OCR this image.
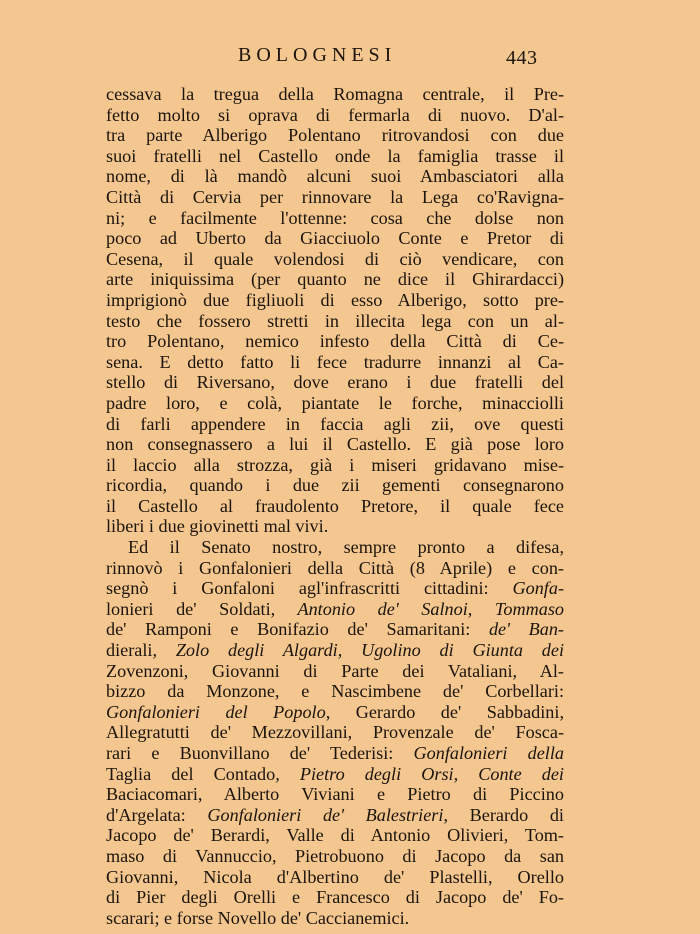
BOLOGNESI	443
cessava la tregua della Romagna centrale, il Pre-
fetto molto si oprava di fermarla di nuovo. D'al-
tra parte Alberigo Polentano ritrovandosi con due
suoi fratelli nel Castello onde la famiglia trasse il
nome, di là mandò alcuni suoi Ambasciatori alla
Città di Cervia per rinnovare la Lega co'Ravigna-
ni; e facilmente l'ottenne: cosa che dolse non
poco ad Uberto da Giacciuolo Conte e Pretor di
Cesena, il quale volendosi di ciò vendicare, con
arte iniquissima (per quanto ne dice il Ghirardacci)
imprigionò due figliuoli di esso Alberigo, sotto pre-
testo che fossero stretti in illecita lega con un al-
tro Polentano, nemico infesto della Città di Ce-
sena. E detto fatto li fece tradurre innanzi al Ca-
stello di Riversano, dove erano i due fratelli del
padre loro, e colà, piantate le forche, minacciolli
di farli appendere in faccia agli zii, ove questi
non consegnassero a lui il Castello. E già pose loro
il laccio alla strozza, già i miseri gridavano mise-
ricordia, quando i due zii gementi consegnarono
il Castello al fraudolento Pretore, il quale fece
liberi i due giovinetti mal vivi.
Ed il Senato nostro, sempre pronto a difesa,
rinnovò i Gonfalonieri della Città (8 Aprile) e con-
segnò i Gonfaloni agl'infrascritti cittadini: Gonfa-
lonieri de' Soldati, Antonio de' Salnoi, Tommaso
de' Ramponi e Bonifazio de' Samaritani: de' Ban-
dierali, Zolo degli Algardi, Ugolino di Giunta dei
Zovenzoni, Giovanni di Parte dei Vataliani, Al-
bizzo da Monzone, e Nascimbene de' Corbellari:
Gonfalonieri del Popolo, Gerardo de' Sabbadini,
Allegratutti de' Mezzovillani, Provenzale de' Fosca-
rari e Buonvillano de' Tederisi: Gonfalonieri della
Taglia del Contado, Pietro degli Orsi, Conte dei
Baciacomari, Alberto Viviani e Pietro di Piccino
d'Argelata: Gonfalonieri de' Balestrieri, Berardo di
Jacopo de' Berardi, Valle di Antonio Olivieri, Tom-
maso di Vannuccio, Pietrobuono di Jacopo da san
Giovanni, Nicola d'Albertino de' Plastelli, Orello
di Pier degli Orelli e Francesco di Jacopo de' Fo-
scarari; e forse Novello de' Caccianemici.
